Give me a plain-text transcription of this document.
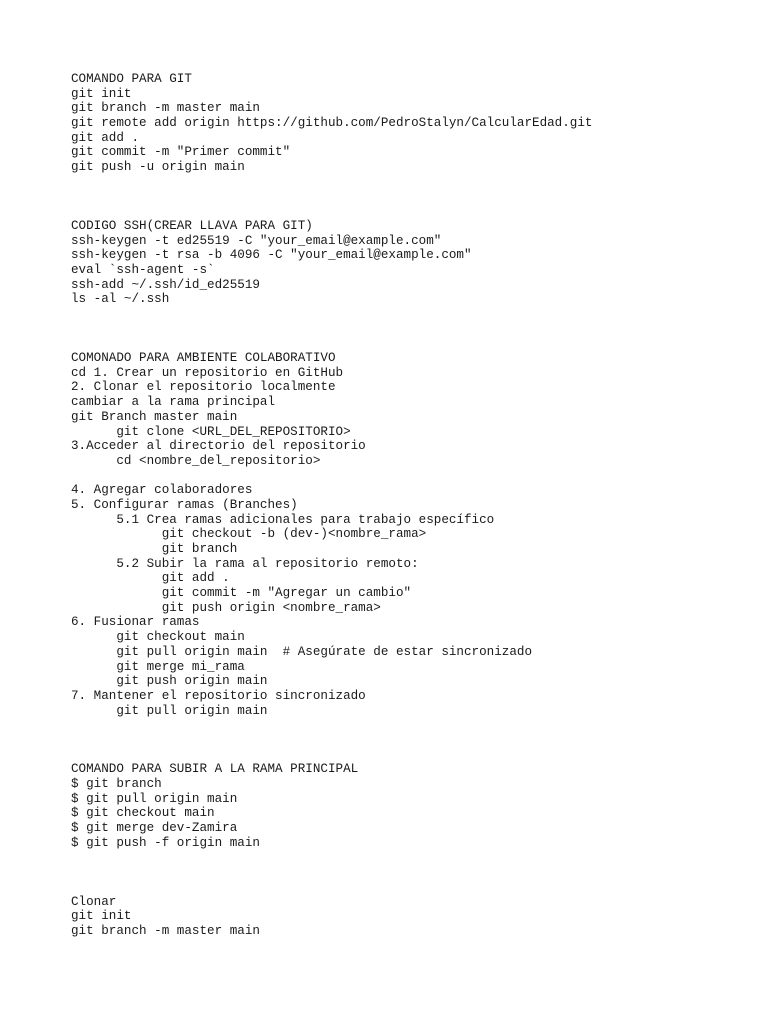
COMANDO PARA GIT
git init
git branch -m master main
git remote add origin https://github.com/PedroStalyn/CalcularEdad.git
git add .
git commit -m "Primer commit"
git push -u origin main
CODIGO SSH(CREAR LLAVA PARA GIT)
ssh-keygen -t ed25519 -C "your_email@example.com"
ssh-keygen -t rsa -b 4096 -C "your_email@example.com"
eval `ssh-agent -s`
ssh-add ~/.ssh/id_ed25519
ls -al ~/.ssh
COMONADO PARA AMBIENTE COLABORATIVO
cd 1. Crear un repositorio en GitHub
2. Clonar el repositorio localmente
cambiar a la rama principal
git Branch master main
git clone <URL_DEL_REPOSITORIO>
3.Acceder al directorio del repositorio
cd <nombre_del_repositorio>
4. Agregar colaboradores
5. Configurar ramas (Branches)
5.1 Crea ramas adicionales para trabajo específico
git checkout -b (dev-)<nombre_rama>
git branch
5.2 Subir la rama al repositorio remoto:
git add .
git commit -m "Agregar un cambio"
git push origin <nombre_rama>
6. Fusionar ramas
git checkout main
git pull origin main  # Asegúrate de estar sincronizado
git merge mi_rama
git push origin main
7. Mantener el repositorio sincronizado
git pull origin main
COMANDO PARA SUBIR A LA RAMA PRINCIPAL
$ git branch
$ git pull origin main
$ git checkout main
$ git merge dev-Zamira
$ git push -f origin main
Clonar
git init
git branch -m master main
